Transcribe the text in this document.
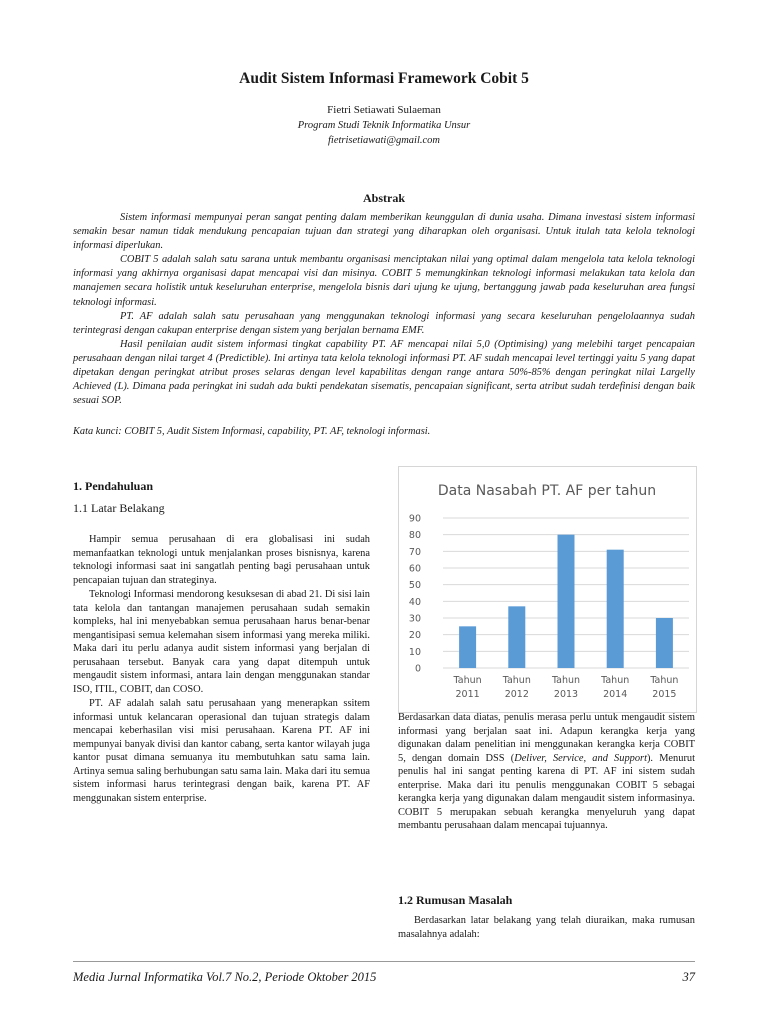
Audit Sistem Informasi Framework Cobit 5
Fietri Setiawati Sulaeman
Program Studi Teknik Informatika Unsur
fietrisetiawati@gmail.com
Abstrak

Sistem informasi mempunyai peran sangat penting dalam memberikan keunggulan di dunia usaha. Dimana investasi sistem informasi semakin besar namun tidak mendukung pencapaian tujuan dan strategi yang diharapkan oleh organisasi. Untuk itulah tata kelola teknologi informasi diperlukan.

COBIT 5 adalah salah satu sarana untuk membantu organisasi menciptakan nilai yang optimal dalam mengelola tata kelola teknologi informasi yang akhirnya organisasi dapat mencapai visi dan misinya. COBIT 5 memungkinkan teknologi informasi melakukan tata kelola dan manajemen secara holistik untuk keseluruhan enterprise, mengelola bisnis dari ujung ke ujung, bertanggung jawab pada keseluruhan area fungsi teknologi informasi.

PT. AF adalah salah satu perusahaan yang menggunakan teknologi informasi yang secara keseluruhan pengelolaannya sudah terintegrasi dengan cakupan enterprise dengan sistem yang berjalan bernama EMF.

Hasil penilaian audit sistem informasi tingkat capability PT. AF mencapai nilai 5,0 (Optimising) yang melebihi target pencapaian perusahaan dengan nilai target 4 (Predictible). Ini artinya tata kelola teknologi informasi PT. AF sudah mencapai level tertinggi yaitu 5 yang dapat dipetakan dengan peringkat atribut proses selaras dengan level kapabilitas dengan range antara 50%-85% dengan peringkat nilai Largelly Achieved (L). Dimana pada peringkat ini sudah ada bukti pendekatan sisematis, pencapaian significant, serta atribut sudah terdefinisi dengan baik sesuai SOP.

Kata kunci: COBIT 5, Audit Sistem Informasi, capability, PT. AF, teknologi informasi.
1. Pendahuluan
1.1 Latar Belakang

Hampir semua perusahaan di era globalisasi ini sudah memanfaatkan teknologi untuk menjalankan proses bisnisnya, karena teknologi informasi saat ini sangatlah penting bagi perusahaan untuk pencapaian tujuan dan strateginya.

Teknologi Informasi mendorong kesuksesan di abad 21. Di sisi lain tata kelola dan tantangan manajemen perusahaan sudah semakin kompleks, hal ini menyebabkan semua perusahaan harus benar-benar mengantisipasi semua kelemahan sisem informasi yang mereka miliki. Maka dari itu perlu adanya audit sistem informasi yang berjalan di perusahaan tersebut. Banyak cara yang dapat ditempuh untuk mengaudit sistem informasi, antara lain dengan menggunakan standar ISO, ITIL, COBIT, dan COSO.

PT. AF adalah salah satu perusahaan yang menerapkan ssitem informasi untuk kelancaran operasional dan tujuan strategis dalam mencapai keberhasilan visi misi perusahaan. Karena PT. AF ini mempunyai banyak divisi dan kantor cabang, serta kantor wilayah juga kantor pusat dimana semuanya itu membutuhkan satu sama lain. Artinya semua saling berhubungan satu sama lain. Maka dari itu semua sistem informasi harus terintegrasi dengan baik, karena PT. AF menggunakan sistem enterprise.

Data Nasabah PT. AF per tahun
0
10
20
30
40
50
60
70
80
90
Tahun
2011
Tahun
2012
Tahun
2013
Tahun
2014
Tahun
2015

Berdasarkan data diatas, penulis merasa perlu untuk mengaudit sistem informasi yang berjalan saat ini. Adapun kerangka kerja yang digunakan dalam penelitian ini menggunakan kerangka kerja COBIT 5, dengan domain DSS (Deliver, Service, and Support). Menurut penulis hal ini sangat penting karena di PT. AF ini sistem sudah enterprise. Maka dari itu penulis menggunakan COBIT 5 sebagai kerangka kerja yang digunakan dalam mengaudit sistem informasinya. COBIT 5 merupakan sebuah kerangka menyeluruh yang dapat membantu perusahaan dalam mencapai tujuannya.

1.2 Rumusan Masalah

Berdasarkan latar belakang yang telah diuraikan, maka rumusan masalahnya adalah:

Media Jurnal Informatika Vol.7 No.2, Periode Oktober 2015	37
